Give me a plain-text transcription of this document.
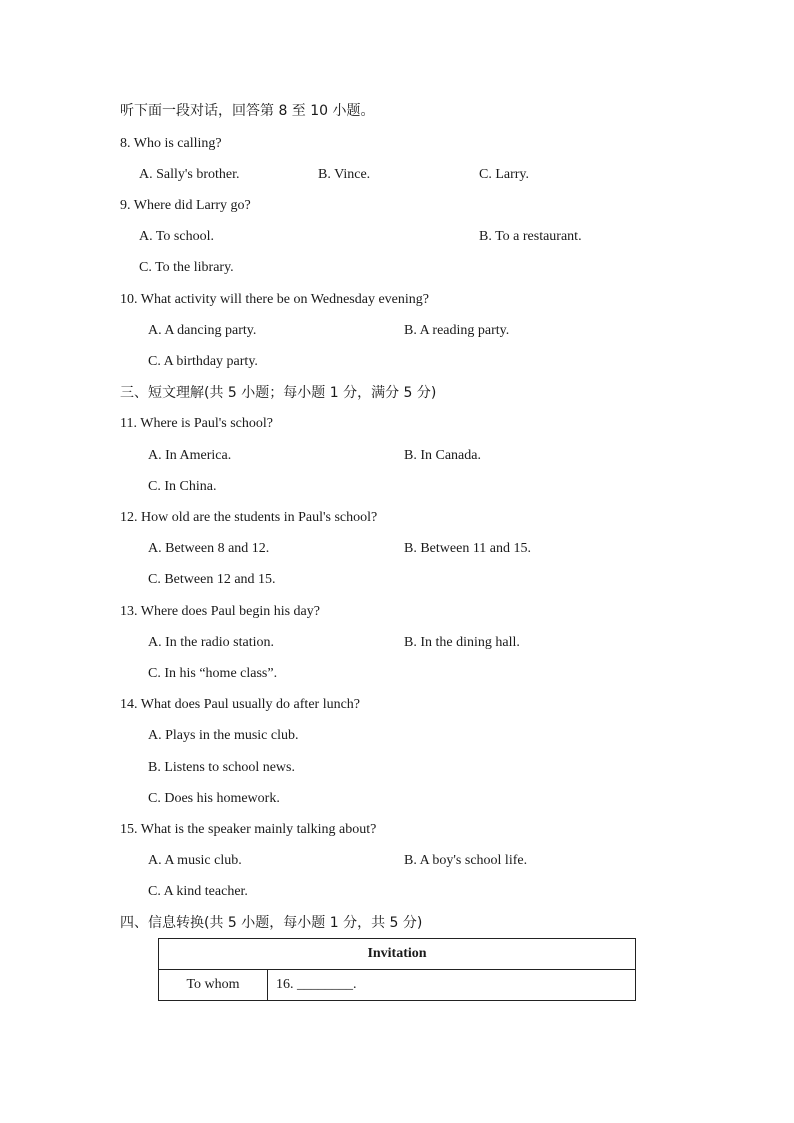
听下面一段对话，回答第 8 至 10 小题。
8. Who is calling?
A. Sally's brother.	B. Vince.	C. Larry.
9. Where did Larry go?
A. To school.	B. To a restaurant.
C. To the library.
10. What activity will there be on Wednesday evening?
A. A dancing party.	B. A reading party.
C. A birthday party.
三、短文理解(共 5 小题；每小题 1 分，满分 5 分)
11. Where is Paul's school?
A. In America.	B. In Canada.
C. In China.
12. How old are the students in Paul's school?
A. Between 8 and 12.	B. Between 11 and 15.
C. Between 12 and 15.
13. Where does Paul begin his day?
A. In the radio station.	B. In the dining hall.
C. In his “home class”.
14. What does Paul usually do after lunch?
A. Plays in the music club.
B. Listens to school news.
C. Does his homework.
15. What is the speaker mainly talking about?
A. A music club.	B. A boy's school life.
C. A kind teacher.
四、信息转换(共 5 小题，每小题 1 分，共 5 分)
Invitation
To whom	16. ________.
